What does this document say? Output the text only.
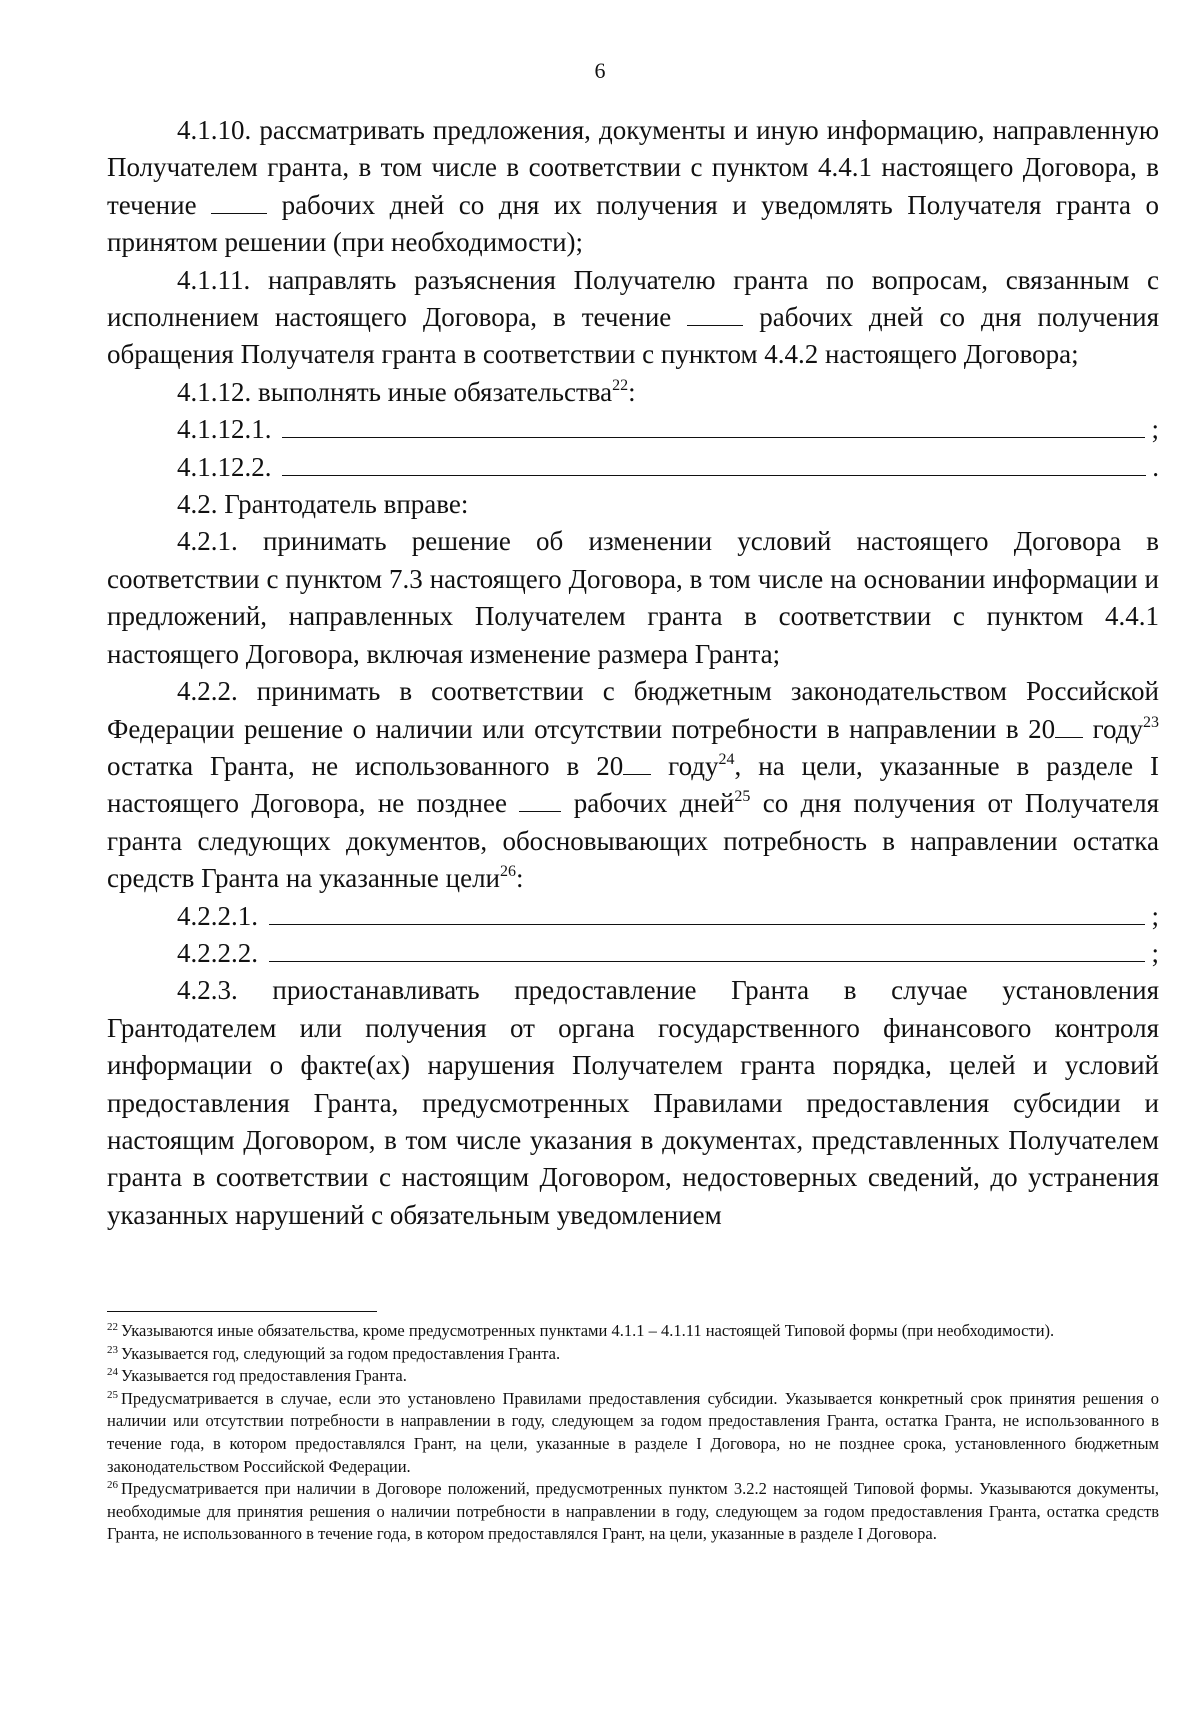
6

4.1.10. рассматривать предложения, документы и иную информацию, направленную Получателем гранта, в том числе в соответствии с пунктом 4.4.1 настоящего Договора, в течение  рабочих дней со дня их получения и уведомлять Получателя гранта о принятом решении (при необходимости);

4.1.11. направлять разъяснения Получателю гранта по вопросам, связанным с исполнением настоящего Договора, в течение  рабочих дней со дня получения обращения Получателя гранта в соответствии с пунктом 4.4.2 настоящего Договора;

4.1.12. выполнять иные обязательства$^{22}$:

4.1.12.1.	;
4.1.12.2.	.

4.2. Грантодатель вправе:

4.2.1. принимать решение об изменении условий настоящего Договора в соответствии с пунктом 7.3 настоящего Договора, в том числе на основании информации и предложений, направленных Получателем гранта в соответствии с пунктом 4.4.1 настоящего Договора, включая изменение размера Гранта;

4.2.2. принимать в соответствии с бюджетным законодательством Российской Федерации решение о наличии или отсутствии потребности в направлении в 20 году$^{23}$ остатка Гранта, не использованного в 20 году$^{24}$, на цели, указанные в разделе I настоящего Договора, не позднее  рабочих дней$^{25}$ со дня получения от Получателя гранта следующих документов, обосновывающих потребность в направлении остатка средств Гранта на указанные цели$^{26}$:

4.2.2.1.	;
4.2.2.2.	;

4.2.3. приостанавливать предоставление Гранта в случае установления Грантодателем или получения от органа государственного финансового контроля информации о факте(ах) нарушения Получателем гранта порядка, целей и условий предоставления Гранта, предусмотренных Правилами предоставления субсидии и настоящим Договором, в том числе указания в документах, представленных Получателем гранта в соответствии с настоящим Договором, недостоверных сведений, до устранения указанных нарушений с обязательным уведомлением

$^{22}$ Указываются иные обязательства, кроме предусмотренных пунктами 4.1.1 – 4.1.11 настоящей Типовой формы (при необходимости).

$^{23}$ Указывается год, следующий за годом предоставления Гранта.

$^{24}$ Указывается год предоставления Гранта.

$^{25}$ Предусматривается в случае, если это установлено Правилами предоставления субсидии. Указывается конкретный срок принятия решения о наличии или отсутствии потребности в направлении в году, следующем за годом предоставления Гранта, остатка Гранта, не использованного в течение года, в котором предоставлялся Грант, на цели, указанные в разделе I Договора, но не позднее срока, установленного бюджетным законодательством Российской Федерации.

$^{26}$ Предусматривается при наличии в Договоре положений, предусмотренных пунктом 3.2.2 настоящей Типовой формы. Указываются документы, необходимые для принятия решения о наличии потребности в направлении в году, следующем за годом предоставления Гранта, остатка средств Гранта, не использованного в течение года, в котором предоставлялся Грант, на цели, указанные в разделе I Договора.
